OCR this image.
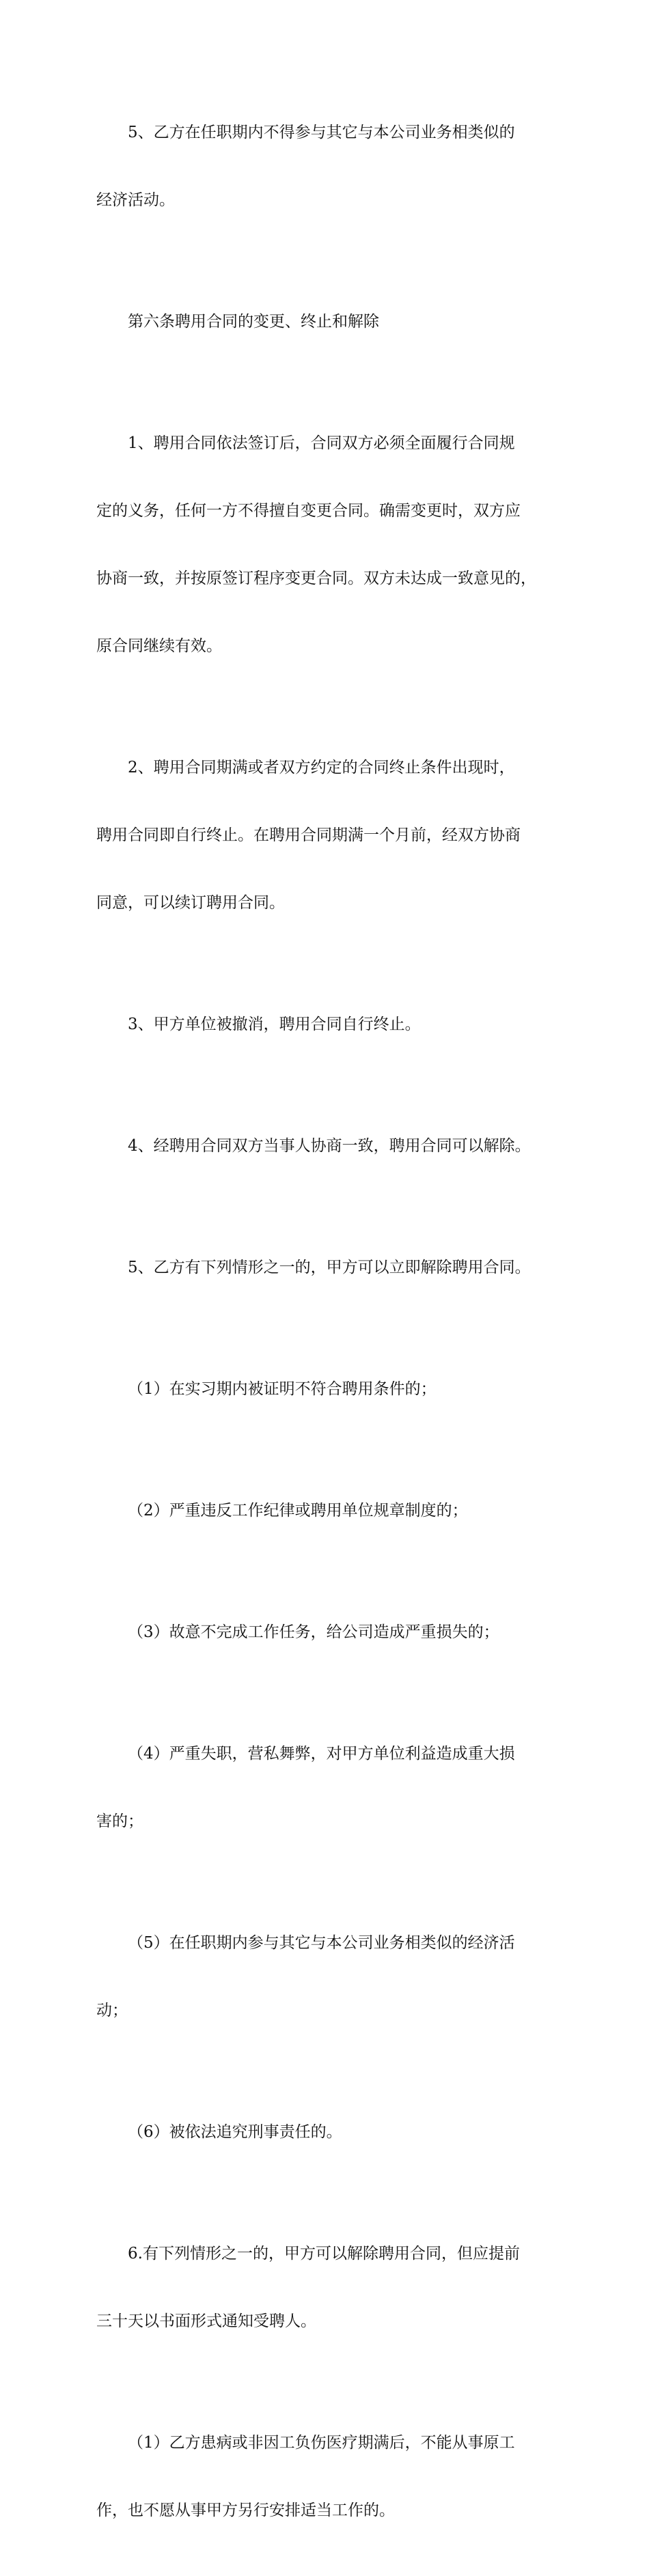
5、乙方在任职期内不得参与其它与本公司业务相类似的

经济活动。

第六条聘用合同的变更、终止和解除

1、聘用合同依法签订后，合同双方必须全面履行合同规

定的义务，任何一方不得擅自变更合同。确需变更时，双方应

协商一致，并按原签订程序变更合同。双方未达成一致意见的，

原合同继续有效。

2、聘用合同期满或者双方约定的合同终止条件出现时，

聘用合同即自行终止。在聘用合同期满一个月前，经双方协商

同意，可以续订聘用合同。

3、甲方单位被撤消，聘用合同自行终止。

4、经聘用合同双方当事人协商一致，聘用合同可以解除。

5、乙方有下列情形之一的，甲方可以立即解除聘用合同。

（1）在实习期内被证明不符合聘用条件的；

（2）严重违反工作纪律或聘用单位规章制度的；

（3）故意不完成工作任务，给公司造成严重损失的；

（4）严重失职，营私舞弊，对甲方单位利益造成重大损

害的；

（5）在任职期内参与其它与本公司业务相类似的经济活

动；

（6）被依法追究刑事责任的。

6.有下列情形之一的，甲方可以解除聘用合同，但应提前

三十天以书面形式通知受聘人。

（1）乙方患病或非因工负伤医疗期满后，不能从事原工

作，也不愿从事甲方另行安排适当工作的。
